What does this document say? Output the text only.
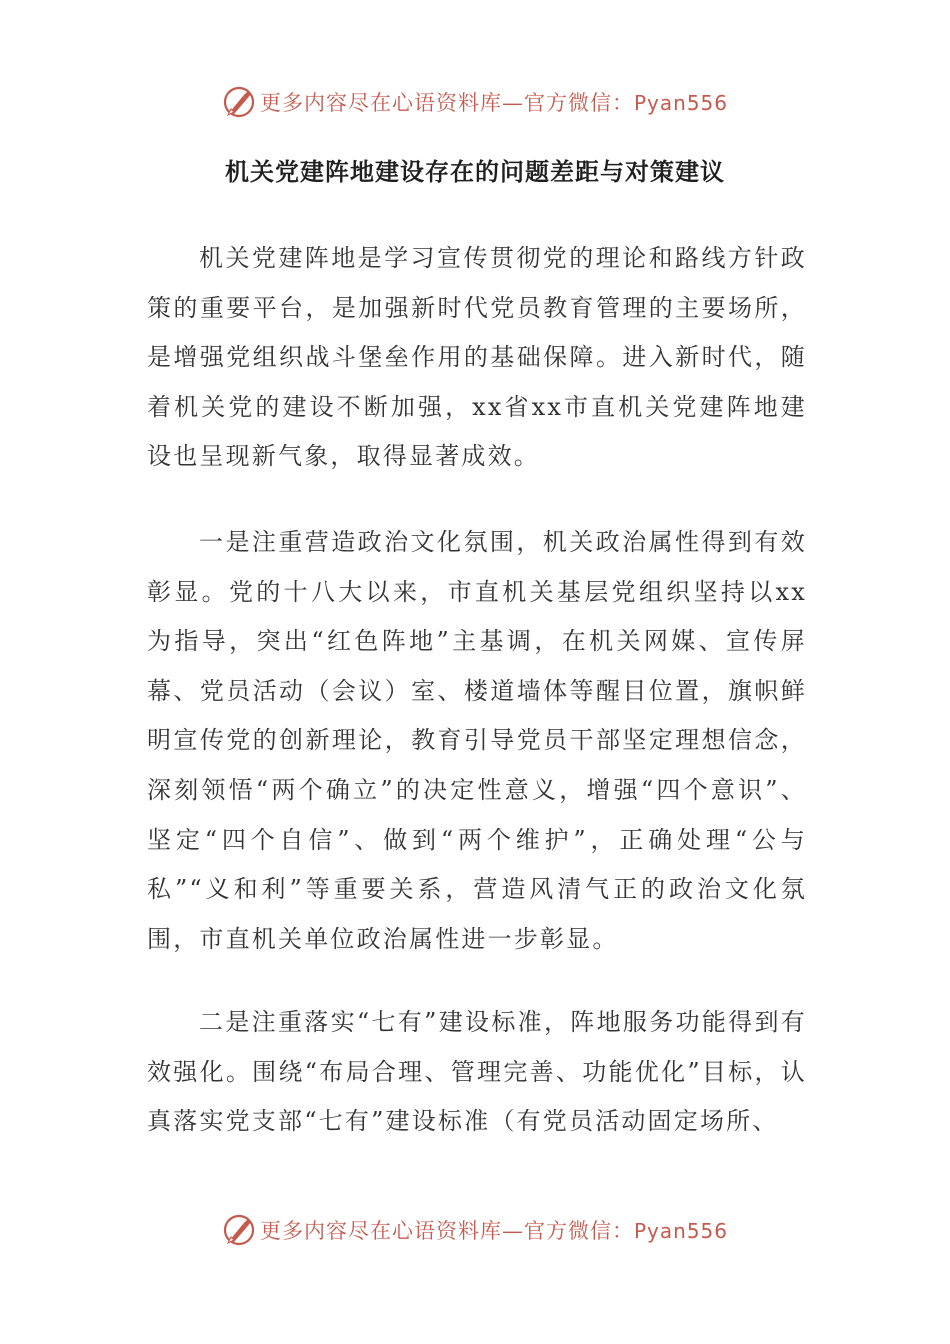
更多内容尽在心语资料库—官方微信：Pyan556
机关党建阵地建设存在的问题差距与对策建议

机关党建阵地是学习宣传贯彻党的理论和路线方针政策的重要平台，是加强新时代党员教育管理的主要场所，是增强党组织战斗堡垒作用的基础保障。进入新时代，随着机关党的建设不断加强，xx省xx市直机关党建阵地建设也呈现新气象，取得显著成效。

一是注重营造政治文化氛围，机关政治属性得到有效彰显。党的十八大以来，市直机关基层党组织坚持以xx为指导，突出“红色阵地”主基调，在机关网媒、宣传屏幕、党员活动（会议）室、楼道墙体等醒目位置，旗帜鲜明宣传党的创新理论，教育引导党员干部坚定理想信念，深刻领悟“两个确立”的决定性意义，增强“四个意识”、坚定“四个自信”、做到“两个维护”，正确处理“公与私”“义和利”等重要关系，营造风清气正的政治文化氛围，市直机关单位政治属性进一步彰显。

二是注重落实“七有”建设标准，阵地服务功能得到有效强化。围绕“布局合理、管理完善、功能优化”目标，认真落实党支部“七有”建设标准（有党员活动固定场所、

更多内容尽在心语资料库—官方微信：Pyan556
